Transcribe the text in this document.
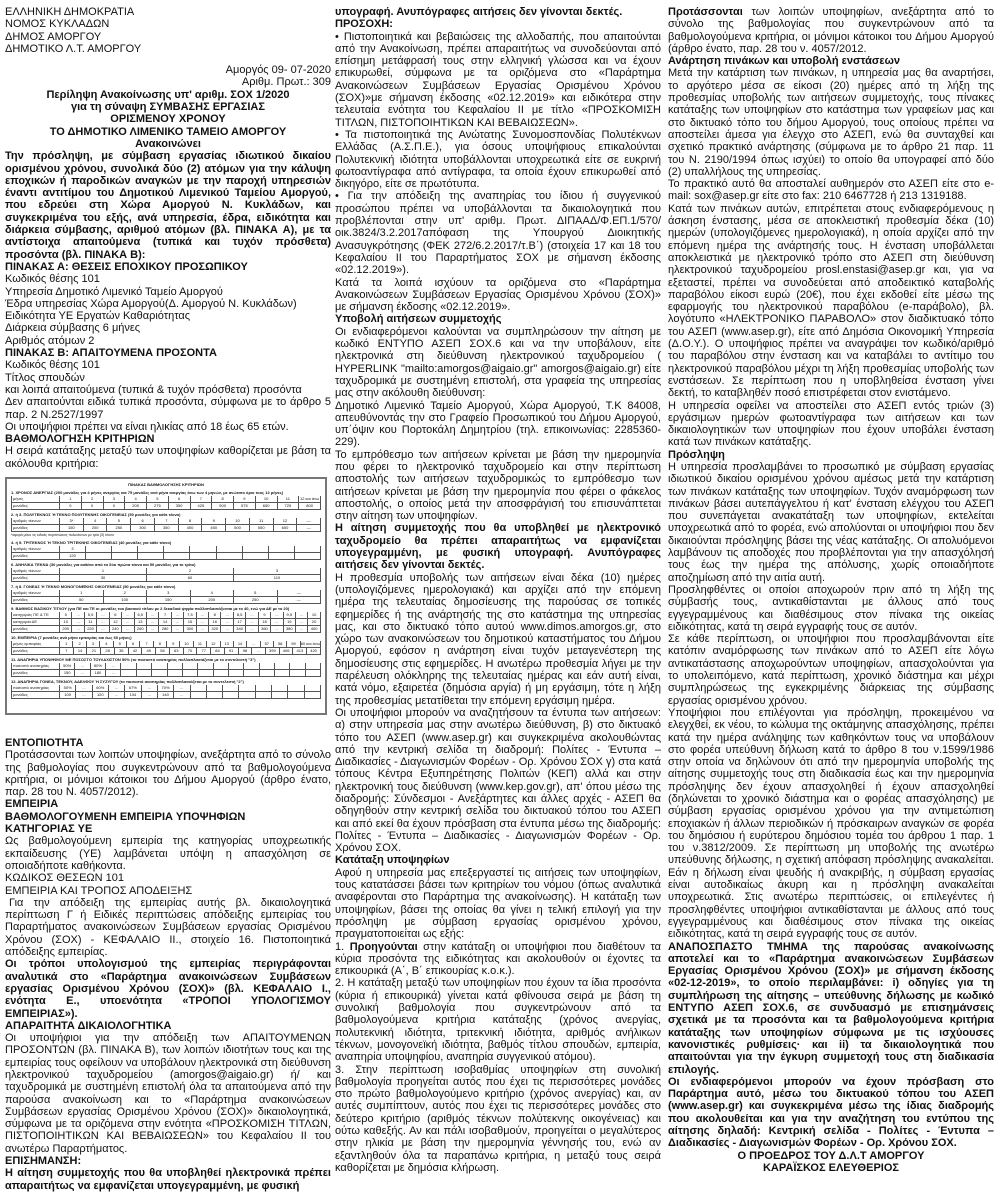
ΕΛΛΗΝΙΚΗ ΔΗΜΟΚΡΑΤΙΑ

ΝΟΜΟΣ ΚΥΚΛΑΔΩΝ

ΔΗΜΟΣ ΑΜΟΡΓΟΥ

ΔΗΜΟΤΙΚΟ Λ.Τ. ΑΜΟΡΓΟΥ

Αμοργός 09- 07-2020

Αριθμ. Πρωτ.: 309

Περίληψη Ανακοίνωσης υπ' αριθμ. ΣΟΧ 1/2020

για τη σύναψη ΣΥΜΒΑΣΗΣ ΕΡΓΑΣΙΑΣ

ΟΡΙΣΜΕΝΟΥ ΧΡΟΝΟΥ

ΤΟ ΔΗΜΟΤΙΚΟ ΛΙΜΕΝΙΚΟ ΤΑΜΕΙΟ ΑΜΟΡΓΟΥ

Ανακοινώνει

Την πρόσληψη, με σύμβαση εργασίας ιδιωτικού δικαίου ορισμένου χρόνου, συνολικά δύο (2) ατόμων για την κάλυψη εποχικών ή παροδικών αναγκών με την παροχή υπηρεσιών έναντι αντιτίμου του Δημοτικού Λιμενικού Ταμείου Αμοργού, που εδρεύει στη Χώρα Αμοργού Ν. Κυκλάδων, και συγκεκριμένα του εξής, ανά υπηρεσία, έδρα, ειδικότητα και διάρκεια σύμβασης, αριθμού ατόμων (βλ. ΠΙΝΑΚΑ Α), με τα αντίστοιχα απαιτούμενα (τυπικά και τυχόν πρόσθετα) προσόντα (βλ. ΠΙΝΑΚΑ Β):

ΠΙΝΑΚΑΣ Α: ΘΕΣΕΙΣ ΕΠΟΧΙΚΟΥ ΠΡΟΣΩΠΙΚΟΥ

Κωδικός θέσης 101

Υπηρεσία Δημοτικό Λιμενικό Ταμείο Αμοργού

Έδρα υπηρεσίας Χώρα Αμοργού(Δ. Αμοργού Ν. Κυκλάδων)

Ειδικότητα ΥΕ Εργατών Καθαριότητας

Διάρκεια σύμβασης 6 μήνες

Αριθμός ατόμων 2

ΠΙΝΑΚΑΣ Β: ΑΠΑΙΤΟΥΜΕΝΑ ΠΡΟΣΟΝΤΑ

Κωδικός θέσης 101

Τίτλος σπουδών

και λοιπά απαιτούμενα (τυπικά & τυχόν πρόσθετα) προσόντα

Δεν απαιτούνται ειδικά τυπικά προσόντα, σύμφωνα με το άρθρο 5 παρ. 2 Ν.2527/1997

Οι υποψήφιοι πρέπει να είναι ηλικίας από 18 έως 65 ετών.

ΒΑΘΜΟΛΟΓΗΣΗ ΚΡΙΤΗΡΙΩΝ

Η σειρά κατάταξης μεταξύ των υποψηφίων καθορίζεται με βάση τα ακόλουθα κριτήρια:

ΠΙΝΑΚΑΣ ΒΑΘΜΟΛΟΓΗΣΗΣ ΚΡΙΤΗΡΙΩΝ
1. ΧΡΟΝΟΣ ΑΝΕΡΓΙΑΣ (200 μονάδες για 4 μήνες ανεργίας και 75 μονάδες ανά μήνα ανεργίας άνω των 4 μηνών, με ανώτατο όριο τους 12 μήνες)
μήνες	1	2	3	4	5	6	7	8	9	10	11	12 και άνω
μονάδες	0	0	0	200	275	350	425	500	575	650	725	800
2. ή 3. ΠΟΛΥΤΕΚΝΟΣ Ή ΤΕΚΝΟ ΠΟΛΥΤΕΚΝΗΣ ΟΙΚΟΓΕΝΕΙΑΣ (50 μονάδες για κάθε τέκνο)
αριθμός τέκνων	3*	4	5	6	7	8	9	10	11	12	—
μονάδες	150	200	250	300	350	400	450	500	550	600	—
*αφορά μόνο τις ειδικές περιπτώσεις πολυτέκνων με τρία (3) τέκνα
4. ή 5. ΤΡΙΤΕΚΝΟΣ Ή ΤΕΚΝΟ ΤΡΙΤΕΚΝΗΣ ΟΙΚΟΓΕΝΕΙΑΣ (40 μονάδες για κάθε τέκνο)
αριθμός τέκνων	3
μονάδες	120
6. ΑΝΗΛΙΚΑ ΤΕΚΝΑ (30 μονάδες για καθένα από τα δύο πρώτα τέκνα και 50 μονάδες για το τρίτο)
αριθμός τέκνων	1	2	3
μονάδες	30	60	110
7. ή 8. ΓΟΝΕΑΣ Ή ΤΕΚΝΟ ΜΟΝΟΓΟΝΕΪΚΗΣ ΟΙΚΟΓΕΝΕΙΑΣ (50 μονάδες για κάθε τέκνο)
αριθμός τέκνων	1	2	3	4	5	—
μονάδες	50	100	150	200	250	—
9. ΒΑΘΜΟΣ ΒΑΣΙΚΟΥ ΤΙΤΛΟΥ (για ΠΕ και ΤΕ οι μονάδες του βασικού τίτλου με 2 δεκαδικά ψηφία πολλαπλασιάζονται με το 40, ενώ για ΔΕ με το 20)
κατηγορίες ΠΕ & ΤΕ	5	...	5,5	...	6	...	6,5	...	7	...	7,5	...	8	...	8,5	...	9	...	9,5	...	10
κατηγορία ΔΕ	10	...	11	...	12	...	13	...	14	...	15	...	16	...	17	...	18	...	19	...	20
μονάδες	200	...	220	...	240	...	260	...	280	...	300	...	320	...	340	...	360	...	380	...	400
10. ΕΜΠΕΙΡΙΑ (7 μονάδες ανά μήνα εμπειρίας και έως 60 μήνες)
μήνες εμπειρίας	1	2	3	4	5	6	7	8	9	10	11	12	13	14	...	57	58	59	60 και άνω
μονάδες	7	14	21	28	35	42	49	56	63	70	77	84	91	98	...	399	406	413	420
11. ΑΝΑΠΗΡΙΑ ΥΠΟΨΗΦΙΟΥ ΜΕ ΠΟΣΟΣΤΟ ΤΟΥΛΑΧΙΣΤΟΝ 50% (το ποσοστό αναπηρίας πολλαπλασιάζεται με το συντελεστή "3")
ποσοστό αναπηρίας	50%	...	80%	...
μονάδες	150	...	180	...
12. ΑΝΑΠΗΡΙΑ ΓΟΝΕΑ, ΤΕΚΝΟΥ, ΑΔΕΛΦΟΥ Ή ΣΥΖΥΓΟΥ (το ποσοστό αναπηρίας πολλαπλασιάζεται με το συντελεστή "2")
ποσοστό αναπηρίας	50%	...	60%	...	67%	...	70%	...
μονάδες	100	...	120	...	134	...	140	...

ΕΝΤΟΠΙΟΤΗΤΑ

Προτάσσονται των λοιπών υποψηφίων, ανεξάρτητα από το σύνολο της βαθμολογίας που συγκεντρώνουν από τα βαθμολογούμενα κριτήρια, οι μόνιμοι κάτοικοι του Δήμου Αμοργού (άρθρο ένατο, παρ. 28 του Ν. 4057/2012).

ΕΜΠΕΙΡΙΑ

ΒΑΘΜΟΛΟΓΟΥΜΕΝΗ ΕΜΠΕΙΡΙΑ ΥΠΟΨΗΦΙΩΝ

ΚΑΤΗΓΟΡΙΑΣ ΥΕ

Ως βαθμολογούμενη εμπειρία της κατηγορίας υποχρεωτικής εκπαίδευσης (ΥΕ) λαμβάνεται υπόψη η απασχόληση σε οποιαδήποτε καθήκοντα.

ΚΩΔΙΚΟΣ ΘΕΣΕΩΝ 101

ΕΜΠΕΙΡΙΑ ΚΑΙ ΤΡΟΠΟΣ ΑΠΟΔΕΙΞΗΣ

Για την απόδειξη της εμπειρίας αυτής βλ. δικαιολογητικά περίπτωση Γ ή Ειδικές περιπτώσεις απόδειξης εμπειρίας του Παραρτήματος ανακοινώσεων Συμβάσεων εργασίας Ορισμένου Χρόνου (ΣΟΧ) - ΚΕΦΑΛΑΙΟ ΙΙ., στοιχείο 16. Πιστοποιητικά απόδειξης εμπειρίας.

Οι τρόποι υπολογισμού της εμπειρίας περιγράφονται αναλυτικά στο «Παράρτημα ανακοινώσεων Συμβάσεων εργασίας Ορισμένου Χρόνου (ΣΟΧ)» (βλ. ΚΕΦΑΛΑΙΟ Ι., ενότητα Ε., υποενότητα «ΤΡΟΠΟΙ ΥΠΟΛΟΓΙΣΜΟΥ ΕΜΠΕΙΡΙΑΣ»).

ΑΠΑΡΑΙΤΗΤΑ ΔΙΚΑΙΟΛΟΓΗΤΙΚΑ

Οι υποψήφιοι για την απόδειξη των ΑΠΑΙΤΟΥΜΕΝΩΝ ΠΡΟΣΟΝΤΩΝ (βλ. ΠΙΝΑΚΑ Β), των λοιπών ιδιοτήτων τους και της εμπειρίας τους οφείλουν να υποβάλουν ηλεκτρονικά στη διεύθυνση ηλεκτρονικού ταχυδρομείου (amorgos@aigaio.gr) ή/ και ταχυδρομικά με συστημένη επιστολή όλα τα απαιτούμενα από την παρούσα ανακοίνωση και το «Παράρτημα ανακοινώσεων Συμβάσεων εργασίας Ορισμένου Χρόνου (ΣΟΧ)» δικαιολογητικά, σύμφωνα με τα οριζόμενα στην ενότητα «ΠΡΟΣΚΟΜΙΣΗ ΤΙΤΛΩΝ, ΠΙΣΤΟΠΟΙΗΤΙΚΩΝ ΚΑΙ ΒΕΒΑΙΩΣΕΩΝ» του Κεφαλαίου ΙΙ του ανωτέρω Παραρτήματος.

ΕΠΙΣΗΜΑΝΣΗ:

Η αίτηση συμμετοχής που θα υποβληθεί ηλεκτρονικά πρέπει απαραιτήτως να εμφανίζεται υπογεγραμμένη, με φυσική

υπογραφή. Ανυπόγραφες αιτήσεις δεν γίνονται δεκτές.

ΠΡΟΣΟΧΗ:

• Πιστοποιητικά και βεβαιώσεις της αλλοδαπής, που απαιτούνται από την Ανακοίνωση, πρέπει απαραιτήτως να συνοδεύονται από επίσημη μετάφρασή τους στην ελληνική γλώσσα και να έχουν επικυρωθεί, σύμφωνα με τα οριζόμενα στο «Παράρτημα Ανακοινώσεων Συμβάσεων Εργασίας Ορισμένου Χρόνου (ΣΟΧ)»με σήμανση έκδοσης «02.12.2019» και ειδικότερα στην τελευταία ενότητα του Κεφαλαίου ΙΙ με τίτλο «ΠΡΟΣΚΟΜΙΣΗ ΤΙΤΛΩΝ, ΠΙΣΤΟΠΟΙΗΤΙΚΩΝ ΚΑΙ ΒΕΒΑΙΩΣΕΩΝ».

• Τα πιστοποιητικά της Ανώτατης Συνομοσπονδίας Πολυτέκνων Ελλάδας (Α.Σ.Π.Ε.), για όσους υποψήφιους επικαλούνται Πολυτεκνική ιδιότητα υποβάλλονται υποχρεωτικά είτε σε ευκρινή φωτοαντίγραφα από αντίγραφα, τα οποία έχουν επικυρωθεί από δικηγόρο, είτε σε πρωτότυπα.

• Για την απόδειξη της αναπηρίας του ίδιου ή συγγενικού προσώπου πρέπει να υποβάλλονται τα δικαιολογητικά που προβλέπονται στην υπ' αριθμ. Πρωτ. ΔΙΠΑΑΔ/Φ.ΕΠ.1/570/ οικ.3824/3.2.2017απόφαση της Υπουργού Διοικητικής Ανασυγκρότησης (ΦΕΚ 272/6.2.2017/τ.Β΄) (στοιχεία 17 και 18 του Κεφαλαίου ΙΙ του Παραρτήματος ΣΟΧ με σήμανση έκδοσης «02.12.2019»).

Κατά τα λοιπά ισχύουν τα οριζόμενα στο «Παράρτημα Ανακοινώσεων Συμβάσεων Εργασίας Ορισμένου Χρόνου (ΣΟΧ)» με σήμανση έκδοσης «02.12.2019».

Υποβολή αιτήσεων συμμετοχής

Οι ενδιαφερόμενοι καλούνται να συμπληρώσουν την αίτηση με κωδικό ΕΝΤΥΠΟ ΑΣΕΠ ΣΟΧ.6 και να την υποβάλουν, είτε ηλεκτρονικά στη διεύθυνση ηλεκτρονικού ταχυδρομείου ( HYPERLINK "mailto:amorgos@aigaio.gr" amorgos@aigaio.gr) είτε ταχυδρομικά με συστημένη επιστολή, στα γραφεία της υπηρεσίας μας στην ακόλουθη διεύθυνση:

Δημοτικό Λιμενικό Ταμείο Αμοργού, Χώρα Αμοργού, Τ.Κ 84008, απευθύνοντάς την στο Γραφείο Προσωπικού του Δήμου Αμοργού, υπ΄όψιν κου Πορτοκάλη Δημητρίου (τηλ. επικοινωνίας: 2285360-229).

Το εμπρόθεσμο των αιτήσεων κρίνεται με βάση την ημερομηνία που φέρει το ηλεκτρονικό ταχυδρομείο και στην περίπτωση αποστολής των αιτήσεων ταχυδρομικώς το εμπρόθεσμο των αιτήσεων κρίνεται με βάση την ημερομηνία που φέρει ο φάκελος αποστολής, ο οποίος μετά την αποσφράγισή του επισυνάπτεται στην αίτηση των υποψηφίων.

Η αίτηση συμμετοχής που θα υποβληθεί με ηλεκτρονικό ταχυδρομείο θα πρέπει απαραιτήτως να εμφανίζεται υπογεγραμμένη, με φυσική υπογραφή. Ανυπόγραφες αιτήσεις δεν γίνονται δεκτές.

Η προθεσμία υποβολής των αιτήσεων είναι δέκα (10) ημέρες (υπολογιζόμενες ημερολογιακά) και αρχίζει από την επόμενη ημέρα της τελευταίας δημοσίευσης της παρούσας σε τοπικές εφημερίδες ή της ανάρτησής της στο κατάστημα της υπηρεσίας μας, και στο δικτυακό τόπο αυτού www.dimos.amorgos.gr, στο χώρο των ανακοινώσεων του δημοτικού καταστήματος του Δήμου Αμοργού, εφόσον η ανάρτηση είναι τυχόν μεταγενέστερη της δημοσίευσης στις εφημερίδες. Η ανωτέρω προθεσμία λήγει με την παρέλευση ολόκληρης της τελευταίας ημέρας και εάν αυτή είναι, κατά νόμο, εξαιρετέα (δημόσια αργία) ή μη εργάσιμη, τότε η λήξη της προθεσμίας μετατίθεται την επόμενη εργάσιμη ημέρα.

Οι υποψήφιοι μπορούν να αναζητήσουν τα έντυπα των αιτήσεων: α) στην υπηρεσία μας στην ανωτέρω διεύθυνση, β) στο δικτυακό τόπο του ΑΣΕΠ (www.asep.gr) και συγκεκριμένα ακολουθώντας από την κεντρική σελίδα τη διαδρομή: Πολίτες - Έντυπα – Διαδικασίες - Διαγωνισμών Φορέων - Ορ. Χρόνου ΣΟΧ γ) στα κατά τόπους Κέντρα Εξυπηρέτησης Πολιτών (ΚΕΠ) αλλά και στην ηλεκτρονική τους διεύθυνση (www.kep.gov.gr), απ' όπου μέσω της διαδρομής: Σύνδεσμοι - Ανεξάρτητες και άλλες αρχές - ΑΣΕΠ θα οδηγηθούν στην κεντρική σελίδα του δικτυακού τόπου του ΑΣΕΠ και από εκεί θα έχουν πρόσβαση στα έντυπα μέσω της διαδρομής: Πολίτες - Έντυπα – Διαδικασίες - Διαγωνισμών Φορέων - Ορ. Χρόνου ΣΟΧ.

Κατάταξη υποψηφίων

Αφού η υπηρεσία μας επεξεργαστεί τις αιτήσεις των υποψηφίων, τους κατατάσσει βάσει των κριτηρίων του νόμου (όπως αναλυτικά αναφέρονται στο Παράρτημα της ανακοίνωσης). Η κατάταξη των υποψηφίων, βάσει της οποίας θα γίνει η τελική επιλογή για την πρόσληψη με σύμβαση εργασίας ορισμένου χρόνου, πραγματοποιείται ως εξής:

1. Προηγούνται στην κατάταξη οι υποψήφιοι που διαθέτουν τα κύρια προσόντα της ειδικότητας και ακολουθούν οι έχοντες τα επικουρικά (Α΄, Β΄ επικουρίας κ.ο.κ.).

2. Η κατάταξη μεταξύ των υποψηφίων που έχουν τα ίδια προσόντα (κύρια ή επικουρικά) γίνεται κατά φθίνουσα σειρά με βάση τη συνολική βαθμολογία που συγκεντρώνουν από τα βαθμολογούμενα κριτήρια κατάταξης (χρόνος ανεργίας, πολυτεκνική ιδιότητα, τριτεκνική ιδιότητα, αριθμός ανήλικων τέκνων, μονογονεϊκή ιδιότητα, βαθμός τίτλου σπουδών, εμπειρία, αναπηρία υποψηφίου, αναπηρία συγγενικού ατόμου).

3. Στην περίπτωση ισοβαθμίας υποψηφίων στη συνολική βαθμολογία προηγείται αυτός που έχει τις περισσότερες μονάδες στο πρώτο βαθμολογούμενο κριτήριο (χρόνος ανεργίας) και, αν αυτές συμπίπτουν, αυτός που έχει τις περισσότερες μονάδες στο δεύτερο κριτήριο (αριθμός τέκνων πολύτεκνης οικογένειας) και ούτω καθεξής. Αν και πάλι ισοβαθμούν, προηγείται ο μεγαλύτερος στην ηλικία με βάση την ημερομηνία γέννησής του, ενώ αν εξαντληθούν όλα τα παραπάνω κριτήρια, η μεταξύ τους σειρά καθορίζεται με δημόσια κλήρωση.

Προτάσσονται των λοιπών υποψηφίων, ανεξάρτητα από το σύνολο της βαθμολογίας που συγκεντρώνουν από τα βαθμολογούμενα κριτήρια, οι μόνιμοι κάτοικοι του Δήμου Αμοργού (άρθρο ένατο, παρ. 28 του ν. 4057/2012.

Ανάρτηση πινάκων και υποβολή ενστάσεων

Μετά την κατάρτιση των πινάκων, η υπηρεσία μας θα αναρτήσει, το αργότερο μέσα σε είκοσι (20) ημέρες από τη λήξη της προθεσμίας υποβολής των αιτήσεων συμμετοχής, τους πίνακες κατάταξης των υποψηφίων στο κατάστημα των γραφείων μας και στο δικτυακό τόπο του δήμου Αμοργού, τους οποίους πρέπει να αποστείλει άμεσα για έλεγχο στο ΑΣΕΠ, ενώ θα συνταχθεί και σχετικό πρακτικό ανάρτησης (σύμφωνα με το άρθρο 21 παρ. 11 του Ν. 2190/1994 όπως ισχύει) το οποίο θα υπογραφεί από δύο (2) υπαλλήλους της υπηρεσίας.

Το πρακτικό αυτό θα αποσταλεί αυθημερόν στο ΑΣΕΠ είτε στο e-mail: sox@asep.gr είτε στο fax: 210 6467728 ή 213 1319188.

Κατά των πινάκων αυτών, επιτρέπεται στους ενδιαφερόμενους η άσκηση ένστασης, μέσα σε αποκλειστική προθεσμία δέκα (10) ημερών (υπολογιζόμενες ημερολογιακά), η οποία αρχίζει από την επόμενη ημέρα της ανάρτησής τους. Η ένσταση υποβάλλεται αποκλειστικά με ηλεκτρονικό τρόπο στο ΑΣΕΠ στη διεύθυνση ηλεκτρονικού ταχυδρομείου prosl.enstasi@asep.gr και, για να εξεταστεί, πρέπει να συνοδεύεται από αποδεικτικό καταβολής παραβόλου είκοσι ευρώ (20€), που έχει εκδοθεί είτε μέσω της εφαρμογής του ηλεκτρονικού παραβόλου (e-παράβολο), βλ. λογότυπο «ΗΛΕΚΤΡΟΝΙΚΟ ΠΑΡΑΒΟΛΟ» στον διαδικτυακό τόπο του ΑΣΕΠ (www.asep.gr), είτε από Δημόσια Οικονομική Υπηρεσία (Δ.Ο.Υ.). Ο υποψήφιος πρέπει να αναγράψει τον κωδικό/αριθμό του παραβόλου στην ένσταση και να καταβάλει το αντίτιμο του ηλεκτρονικού παραβόλου μέχρι τη λήξη προθεσμίας υποβολής των ενστάσεων. Σε περίπτωση που η υποβληθείσα ένσταση γίνει δεκτή, το καταβληθέν ποσό επιστρέφεται στον ενιστάμενο.

Η υπηρεσία οφείλει να αποστείλει στο ΑΣΕΠ εντός τριών (3) εργάσιμων ημερών φωτοαντίγραφα των αιτήσεων και των δικαιολογητικών των υποψηφίων που έχουν υποβάλει ένσταση κατά των πινάκων κατάταξης.

Πρόσληψη

Η υπηρεσία προσλαμβάνει το προσωπικό με σύμβαση εργασίας ιδιωτικού δικαίου ορισμένου χρόνου αμέσως μετά την κατάρτιση των πινάκων κατάταξης των υποψηφίων. Τυχόν αναμόρφωση των πινάκων βάσει αυτεπάγγελτου ή κατ' ένσταση ελέγχου του ΑΣΕΠ που συνεπάγεται ανακατάταξη των υποψηφίων, εκτελείται υποχρεωτικά από το φορέα, ενώ απολύονται οι υποψήφιοι που δεν δικαιούνται πρόσληψης βάσει της νέας κατάταξης. Οι απολυόμενοι λαμβάνουν τις αποδοχές που προβλέπονται για την απασχόλησή τους έως την ημέρα της απόλυσης, χωρίς οποιαδήποτε αποζημίωση από την αιτία αυτή.

Προσληφθέντες οι οποίοι αποχωρούν πριν από τη λήξη της σύμβασής τους, αντικαθίστανται με άλλους από τους εγγεγραμμένους και διαθέσιμους στον πίνακα της οικείας ειδικότητας, κατά τη σειρά εγγραφής τους σε αυτόν.

Σε κάθε περίπτωση, οι υποψήφιοι που προσλαμβάνονται είτε κατόπιν αναμόρφωσης των πινάκων από το ΑΣΕΠ είτε λόγω αντικατάστασης αποχωρούντων υποψηφίων, απασχολούνται για το υπολειπόμενο, κατά περίπτωση, χρονικό διάστημα και μέχρι συμπληρώσεως της εγκεκριμένης διάρκειας της σύμβασης εργασίας ορισμένου χρόνου.

Υποψήφιοι που επιλέγονται για πρόσληψη, προκειμένου να ελεγχθεί, εκ νέου, το κώλυμα της οκτάμηνης απασχόλησης, πρέπει κατά την ημέρα ανάληψης των καθηκόντων τους να υποβάλουν στο φορέα υπεύθυνη δήλωση κατά το άρθρο 8 του ν.1599/1986 στην οποία να δηλώνουν ότι από την ημερομηνία υποβολής της αίτησης συμμετοχής τους στη διαδικασία έως και την ημερομηνία πρόσληψης δεν έχουν απασχοληθεί ή έχουν απασχοληθεί (δηλώνεται το χρονικό διάστημα και ο φορέας απασχόλησης) με σύμβαση εργασίας ορισμένου χρόνου για την αντιμετώπιση εποχιακών ή άλλων περιοδικών ή πρόσκαιρων αναγκών σε φορέα του δημόσιου ή ευρύτερου δημόσιου τομέα του άρθρου 1 παρ. 1 του ν.3812/2009. Σε περίπτωση μη υποβολής της ανωτέρω υπεύθυνης δήλωσης, η σχετική απόφαση πρόσληψης ανακαλείται. Εάν η δήλωση είναι ψευδής ή ανακριβής, η σύμβαση εργασίας είναι αυτοδικαίως άκυρη και η πρόσληψη ανακαλείται υποχρεωτικά. Στις ανωτέρω περιπτώσεις, οι επιλεγέντες ή προσληφθέντες υποψήφιοι αντικαθίστανται με άλλους από τους εγγεγραμμένους και διαθέσιμους στον πίνακα της οικείας ειδικότητας, κατά τη σειρά εγγραφής τους σε αυτόν.

ΑΝΑΠΟΣΠΑΣΤΟ ΤΜΗΜΑ της παρούσας ανακοίνωσης αποτελεί και το «Παράρτημα ανακοινώσεων Συμβάσεων Εργασίας Ορισμένου Χρόνου (ΣΟΧ)» με σήμανση έκδοσης «02-12-2019», το οποίο περιλαμβάνει: i) οδηγίες για τη συμπλήρωση της αίτησης – υπεύθυνης δήλωσης με κωδικό ΕΝΤΥΠΟ ΑΣΕΠ ΣΟΧ.6, σε συνδυασμό με επισημάνσεις σχετικά με τα προσόντα και τα βαθμολογούμενα κριτήρια κατάταξης των υποψηφίων σύμφωνα με τις ισχύουσες κανονιστικές ρυθμίσεις· και ii) τα δικαιολογητικά που απαιτούνται για την έγκυρη συμμετοχή τους στη διαδικασία επιλογής.

Οι ενδιαφερόμενοι μπορούν να έχουν πρόσβαση στο Παράρτημα αυτό, μέσω του δικτυακού τόπου του ΑΣΕΠ (www.asep.gr) και συγκεκριμένα μέσω της ίδιας διαδρομής που ακολουθείται και για την αναζήτηση του εντύπου της αίτησης δηλαδή: Κεντρική σελίδα - Πολίτες - Έντυπα – Διαδικασίες - Διαγωνισμών Φορέων - Ορ. Χρόνου ΣΟΧ.

Ο ΠΡΟΕΔΡΟΣ ΤΟΥ Δ.Λ.Τ ΑΜΟΡΓΟΥ

ΚΑΡΑΪΣΚΟΣ ΕΛΕΥΘΕΡΙΟΣ
